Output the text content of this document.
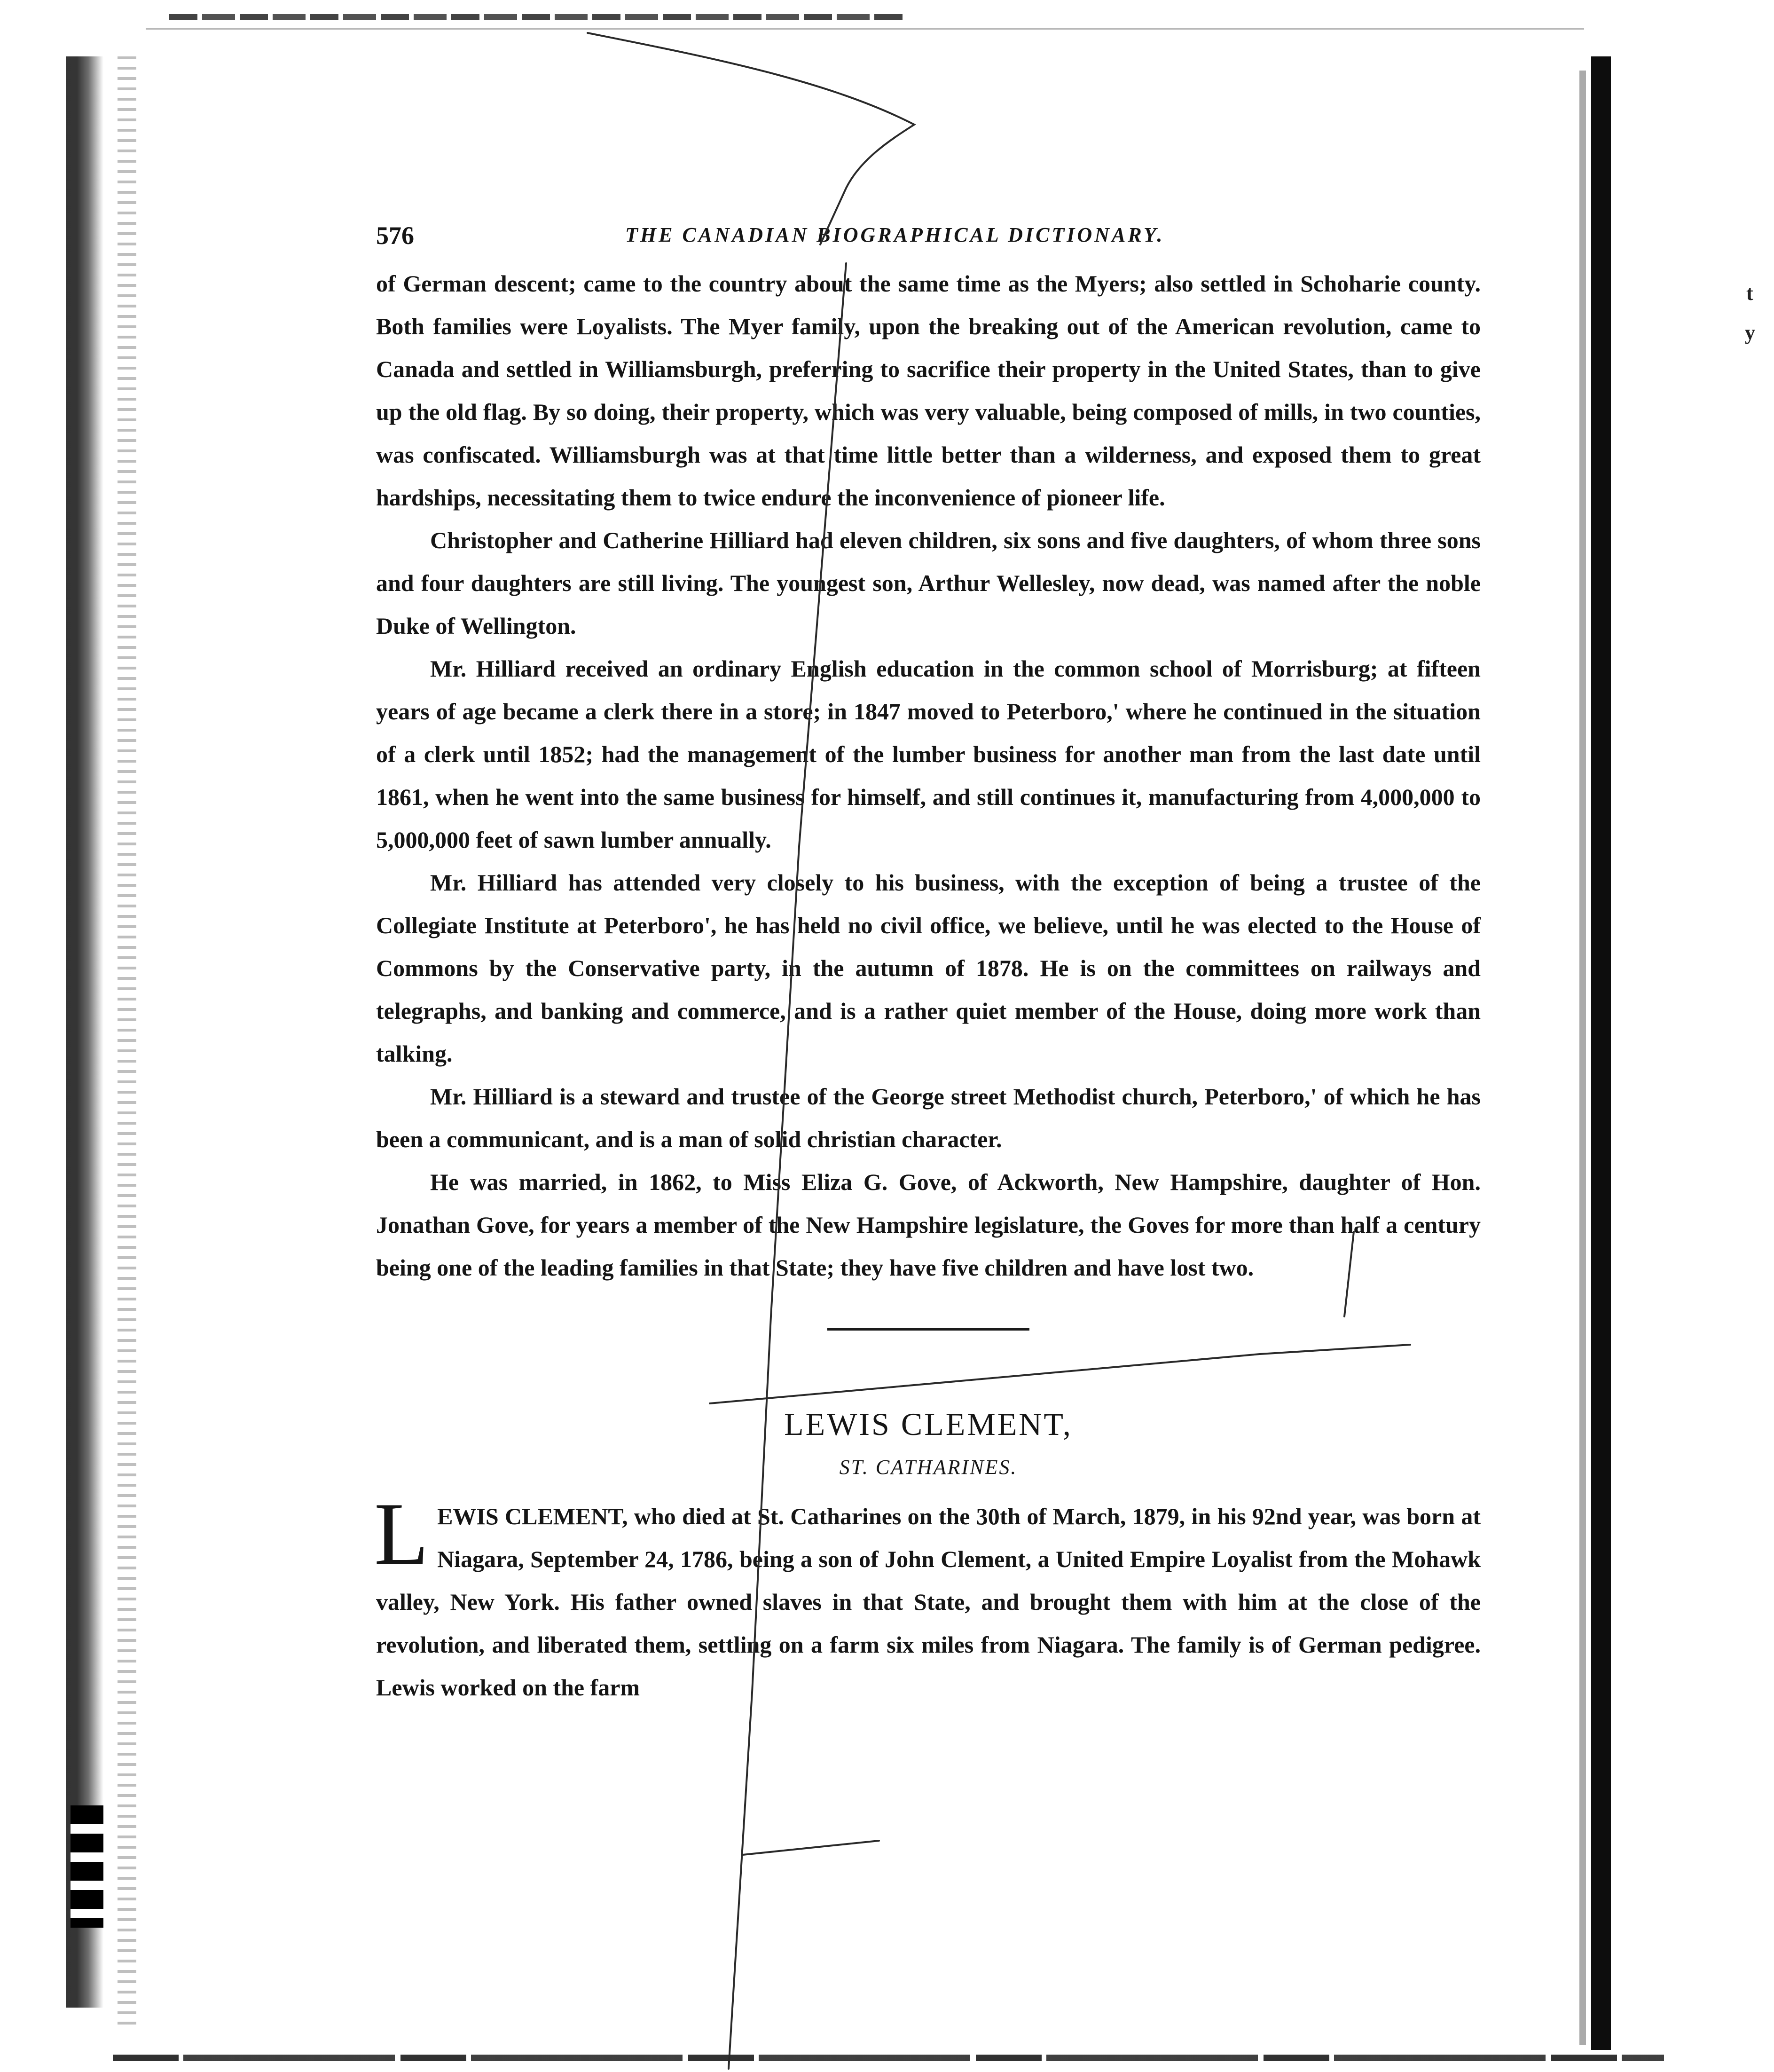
t
y
576	THE CANADIAN BIOGRAPHICAL DICTIONARY.

of German descent; came to the country about the same time as the Myers; also settled in Schoharie county. Both families were Loyalists. The Myer family, upon the breaking out of the American revolution, came to Canada and settled in Williamsburgh, preferring to sacrifice their property in the United States, than to give up the old flag. By so doing, their property, which was very valuable, being composed of mills, in two counties, was confiscated. Williamsburgh was at that time little better than a wilderness, and exposed them to great hardships, necessitating them to twice endure the inconvenience of pioneer life.

Christopher and Catherine Hilliard had eleven children, six sons and five daughters, of whom three sons and four daughters are still living. The youngest son, Arthur Wellesley, now dead, was named after the noble Duke of Wellington.

Mr. Hilliard received an ordinary English education in the common school of Morrisburg; at fifteen years of age became a clerk there in a store; in 1847 moved to Peterboro,' where he continued in the situation of a clerk until 1852; had the management of the lumber business for another man from the last date until 1861, when he went into the same business for himself, and still continues it, manufacturing from 4,000,000 to 5,000,000 feet of sawn lumber annually.

Mr. Hilliard has attended very closely to his business, with the exception of being a trustee of the Collegiate Institute at Peterboro', he has held no civil office, we believe, until he was elected to the House of Commons by the Conservative party, in the autumn of 1878. He is on the committees on railways and telegraphs, and banking and commerce, and is a rather quiet member of the House, doing more work than talking.

Mr. Hilliard is a steward and trustee of the George street Methodist church, Peterboro,' of which he has been a communicant, and is a man of solid christian character.

He was married, in 1862, to Miss Eliza G. Gove, of Ackworth, New Hampshire, daughter of Hon. Jonathan Gove, for years a member of the New Hampshire legislature, the Goves for more than half a century being one of the leading families in that State; they have five children and have lost two.

LEWIS CLEMENT,
ST. CATHARINES.

LEWIS CLEMENT, who died at St. Catharines on the 30th of March, 1879, in his 92nd year, was born at Niagara, September 24, 1786, being a son of John Clement, a United Empire Loyalist from the Mohawk valley, New York. His father owned slaves in that State, and brought them with him at the close of the revolution, and liberated them, settling on a farm six miles from Niagara. The family is of German pedigree. Lewis worked on the farm
